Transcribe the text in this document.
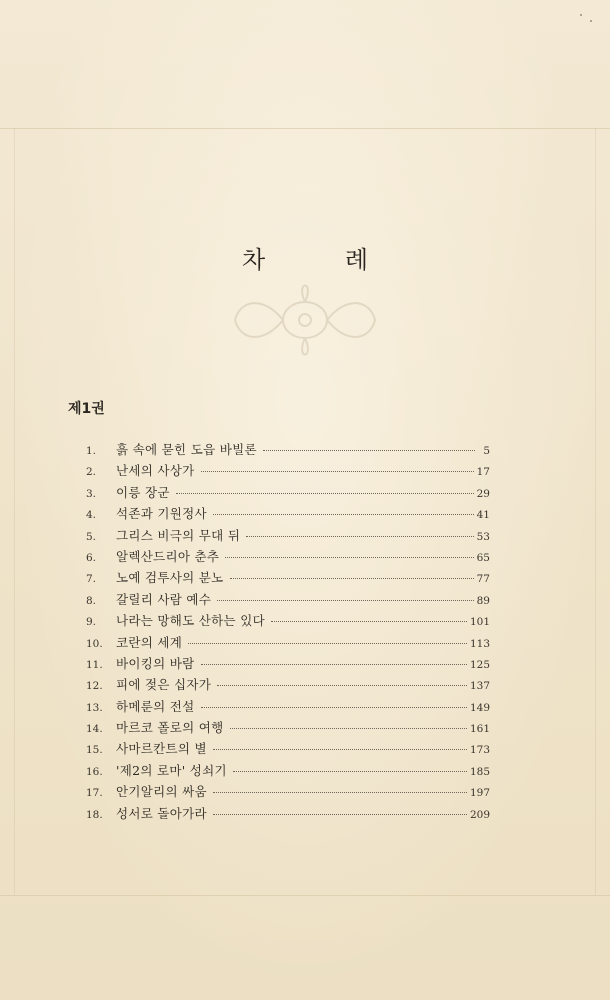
차 례
제1권
1.	흙 속에 묻힌 도읍 바빌론	5
2.	난세의 사상가	17
3.	이릉 장군	29
4.	석존과 기원정사	41
5.	그리스 비극의 무대 뒤	53
6.	알렉산드리아 춘추	65
7.	노예 검투사의 분노	77
8.	갈릴리 사람 예수	89
9.	나라는 망해도 산하는 있다	101
10.	코란의 세계	113
11.	바이킹의 바람	125
12.	피에 젖은 십자가	137
13.	하메룬의 전설	149
14.	마르코 폴로의 여행	161
15.	사마르칸트의 별	173
16.	'제2의 로마' 성쇠기	185
17.	안기알리의 싸움	197
18.	성서로 돌아가라	209
